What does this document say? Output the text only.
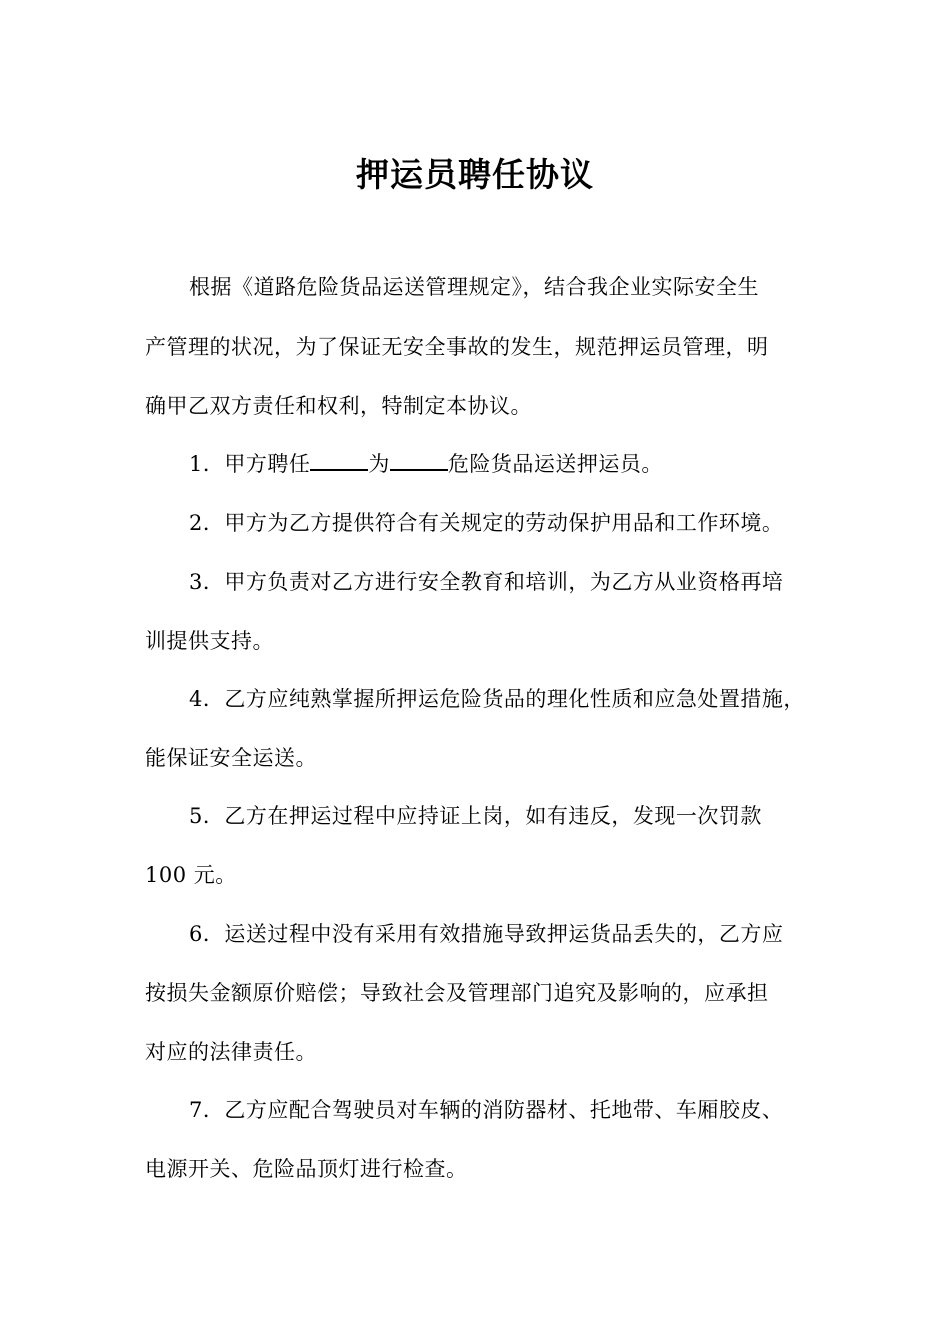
押运员聘任协议
根据《道路危险货品运送管理规定》，结合我企业实际安全生
产管理的状况，为了保证无安全事故的发生，规范押运员管理，明
确甲乙双方责任和权利，特制定本协议。
1．甲方聘任	为	危险货品运送押运员。
2．甲方为乙方提供符合有关规定的劳动保护用品和工作环境。
3．甲方负责对乙方进行安全教育和培训，为乙方从业资格再培
训提供支持。
4．乙方应纯熟掌握所押运危险货品的理化性质和应急处置措施，
能保证安全运送。
5．乙方在押运过程中应持证上岗，如有违反，发现一次罚款
100 元。
6．运送过程中没有采用有效措施导致押运货品丢失的，乙方应
按损失金额原价赔偿；导致社会及管理部门追究及影响的，应承担
对应的法律责任。
7．乙方应配合驾驶员对车辆的消防器材、托地带、车厢胶皮、
电源开关、危险品顶灯进行检查。
